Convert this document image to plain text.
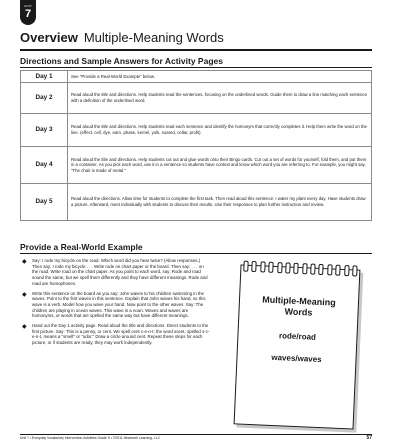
UNIT
7
Overview Multiple-Meaning Words
Directions and Sample Answers for Activity Pages
Day 1	See "Provide a Real-World Example" below.
Day 2	Read aloud the title and directions. Help students read the sentences, focusing on the underlined words. Guide them to draw a line matching each sentence with a definition of the underlined word.
Day 3	Read aloud the title and directions. Help students read each sentence and identify the homonym that correctly completes it. Help them write the word on the line. (effect, cell, dye, earn, phase, kernel, yolk, soared, cellar, profit)
Day 4	Read aloud the title and directions. Help students cut out and glue words onto their Bingo cards. Cut out a set of words for yourself, fold them, and put them in a container. As you pick each word, use it in a sentence so students have context and know which word you are referring to. For example, you might say, "The chair is made of metal."
Day 5	Read aloud the directions. Allow time for students to complete the first task. Then read aloud this sentence: I water my plant every day. Have students draw a picture. Afterward, meet individually with students to discuss their results. Use their responses to plan further instruction and review.
Provide a Real-World Example
◆ Say: I rode my bicycle on the road. Which word did you hear twice? (Allow responses.) Then say: I rode my bicycle . . . Write rode on chart paper or the board. Then say: . . . on the road. Write road on the chart paper. As you point to each word, say: Rode and road sound the same, but we spell them differently and they have different meanings. Rode and road are homophones.
◆ Write this sentence on the board as you say: John waves to his children swimming in the waves. Point to the first waves in this sentence. Explain that John waves his hand, so this wave is a verb. Model how you wave your hand. Now point to the other waves. Say: The children are playing in ocean waves. This wave is a noun. Waves and waves are homonyms, or words that are spelled the same way but have different meanings.
◆ Hand out the Day 1 activity page. Read aloud the title and directions. Direct students to the first picture. Say: This is a penny, or cent. We spell cent c-e-n-t; the word scent, spelled s-c-e-n-t, means a "smell" or "odor." Draw a circle around cent. Repeat these steps for each picture, or if students are ready, they may work independently.
Multiple-Meaning
Words
rode/road
waves/waves
Unit 7 • Everyday Vocabulary Intervention Activities Grade 5 • ©2011 Newmark Learning, LLC	57
